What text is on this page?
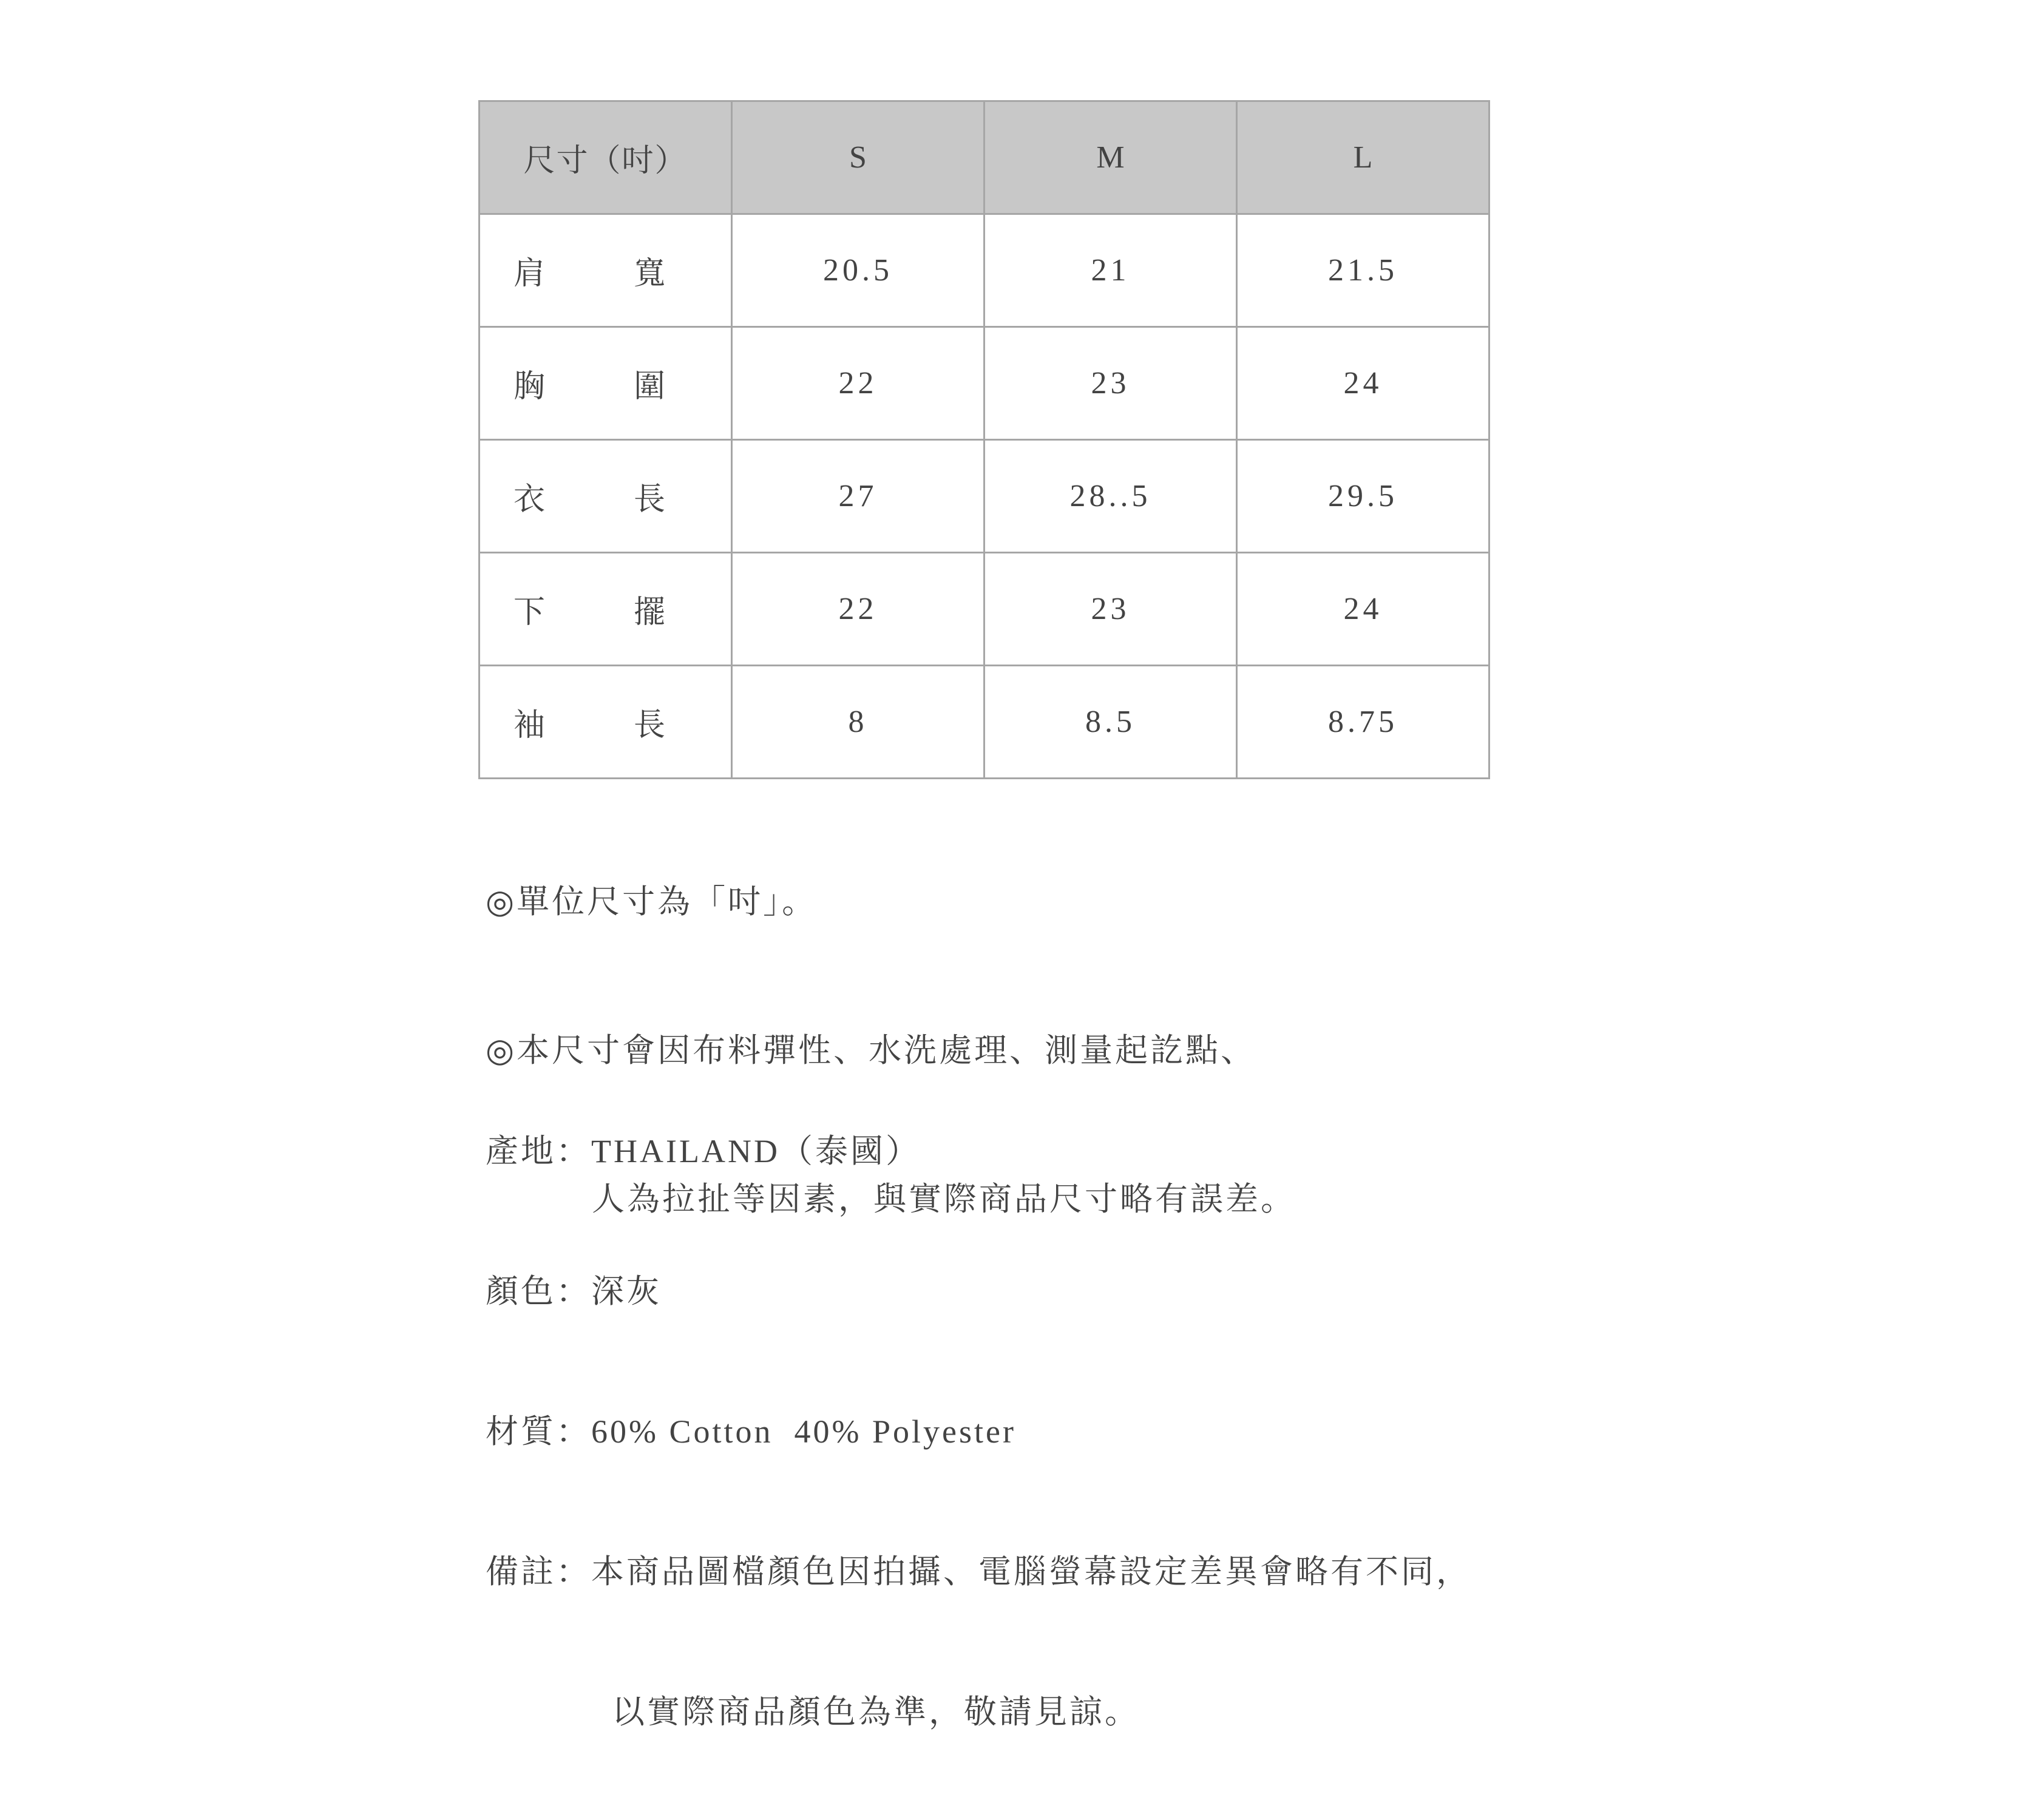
尺寸（吋）	S	M	L

肩 寬	20.5	21	21.5

胸 圍	22	23	24

衣 長	27	28..5	29.5

下 擺	22	23	24

袖 長	8	8.5	8.75

◎單位尺寸為「吋」。

◎本尺寸會因布料彈性、水洗處理、測量起訖點、

人為拉扯等因素，與實際商品尺寸略有誤差。

產地：THAILAND（泰國）

顏色：深灰

材質：60% Cotton  40% Polyester

備註：本商品圖檔顏色因拍攝、電腦螢幕設定差異會略有不同，

以實際商品顏色為準，敬請見諒。
